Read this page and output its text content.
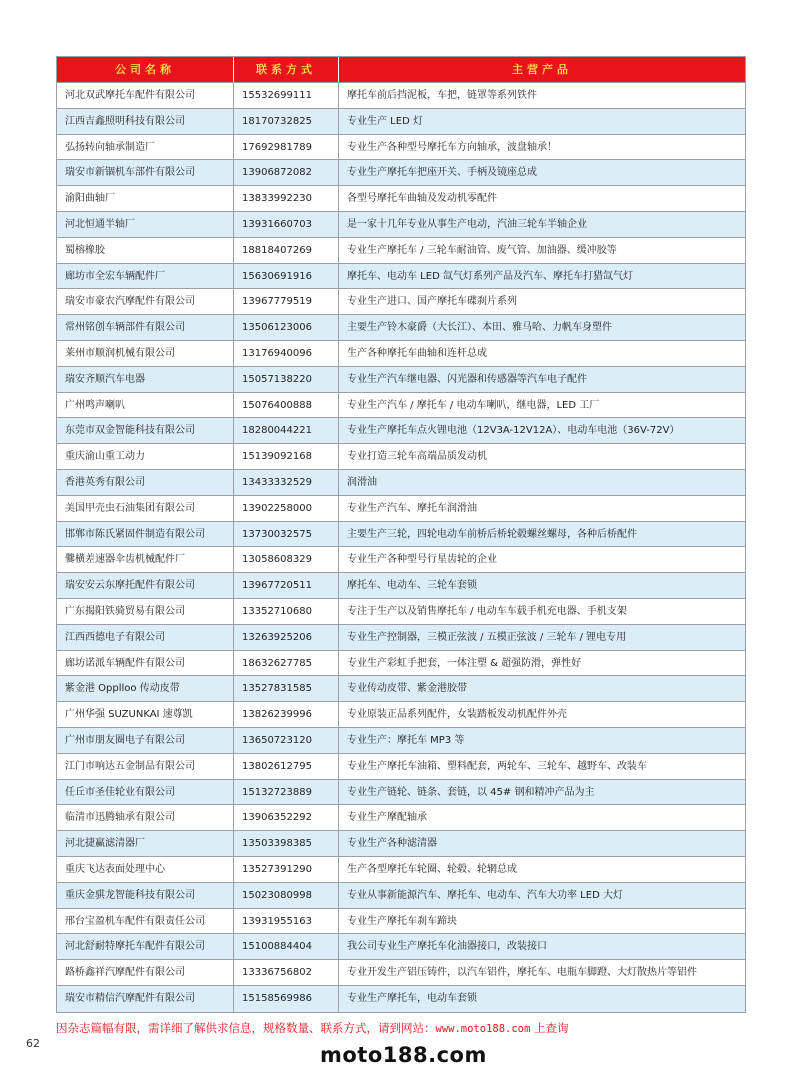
公司名称	联系方式	主营产品
河北双武摩托车配件有限公司	15532699111	摩托车前后挡泥板，车把，链罩等系列铁件
江西吉鑫照明科技有限公司	18170732825	专业生产 LED 灯
弘扬转向轴承制造厂	17692981789	专业生产各种型号摩托车方向轴承，波盘轴承！
瑞安市新锢机车部件有限公司	13906872082	专业生产摩托车把座开关、手柄及镜座总成
渝阳曲轴厂	13833992230	各型号摩托车曲轴及发动机零配件
河北恒通半轴厂	13931660703	是一家十几年专业从事生产电动，汽油三轮车半轴企业
蜀榕橡胶	18818407269	专业生产摩托车 / 三轮车耐油管、废气管、加油器、缓冲胶等
廊坊市全宏车辆配件厂	15630691916	摩托车、电动车 LED 氙气灯系列产品及汽车、摩托车打猎氙气灯
瑞安市豪农汽摩配件有限公司	13967779519	专业生产进口、国产摩托车碟刹片系列
常州铭创车辆部件有限公司	13506123006	主要生产铃木豪爵（大长江）、本田、雅马哈、力帆车身塑件
莱州市顺润机械有限公司	13176940096	生产各种摩托车曲轴和连杆总成
瑞安齐顺汽车电器	15057138220	专业生产汽车继电器、闪光器和传感器等汽车电子配件
广州鸣声喇叭	15076400888	专业生产汽车 / 摩托车 / 电动车喇叭，继电器，LED 工厂
东莞市双金智能科技有限公司	18280044221	专业生产摩托车点火锂电池（12V3A-12V12A）、电动车电池（36V-72V）
重庆渝山重工动力	15139092168	专业打造三轮车高端品质发动机
香港英秀有限公司	13433332529	润滑油
美国甲壳虫石油集团有限公司	13902258000	专业生产汽车、摩托车润滑油
邯郸市陈氏紧固件制造有限公司	13730032575	主要生产三轮，四轮电动车前桥后桥轮毂螺丝螺母，各种后桥配件
爨横差速器伞齿机械配件厂	13058608329	专业生产各种型号行星齿轮的企业
瑞安安云东摩托配件有限公司	13967720511	摩托车、电动车、三轮车套锁
广东揭阳铁骑贸易有限公司	13352710680	专注于生产以及销售摩托车 / 电动车车载手机充电器、手机支架
江西西德电子有限公司	13263925206	专业生产控制器，三模正弦波 / 五模正弦波 / 三轮车 / 锂电专用
廊坊诺派车辆配件有限公司	18632627785	专业生产彩虹手把套，一体注塑 & 超强防滑，弹性好
紫金港 Opplloo 传动皮带	13527831585	专业传动皮带、紫金港胶带
广州华强 SUZUNKAI 速尊凯	13826239996	专业原装正品系列配件，女装踏板发动机配件外壳
广州市朋友圈电子有限公司	13650723120	专业生产：摩托车 MP3 等
江门市响达五金制品有限公司	13802612795	专业生产摩托车油箱、塑料配套，两轮车、三轮车、越野车、改装车
任丘市圣佳轮业有限公司	15132723889	专业生产链轮、链条、套链，以 45# 钢和精冲产品为主
临清市迅腾轴承有限公司	13906352292	专业生产摩配轴承
河北捷赢滤清器厂	13503398385	专业生产各种滤清器
重庆飞达表面处理中心	13527391290	生产各型摩托车轮圈、轮毂、轮辋总成
重庆金骐龙智能科技有限公司	15023080998	专业从事新能源汽车、摩托车、电动车、汽车大功率 LED 大灯
邢台宝盈机车配件有限责任公司	13931955163	专业生产摩托车刹车蹄块
河北舒耐特摩托车配件有限公司	15100884404	我公司专业生产摩托车化油器接口，改装接口
路桥鑫祥汽摩配件有限公司	13336756802	专业开发生产铝压铸件，以汽车铝件，摩托车、电瓶车脚蹬、大灯散热片等铝件
瑞安市精信汽摩配件有限公司	15158569986	专业生产摩托车，电动车套锁
因杂志篇幅有限，需详细了解供求信息，规格数量、联系方式，请到网站：www.moto188.com 上查询
62	moto188.com
